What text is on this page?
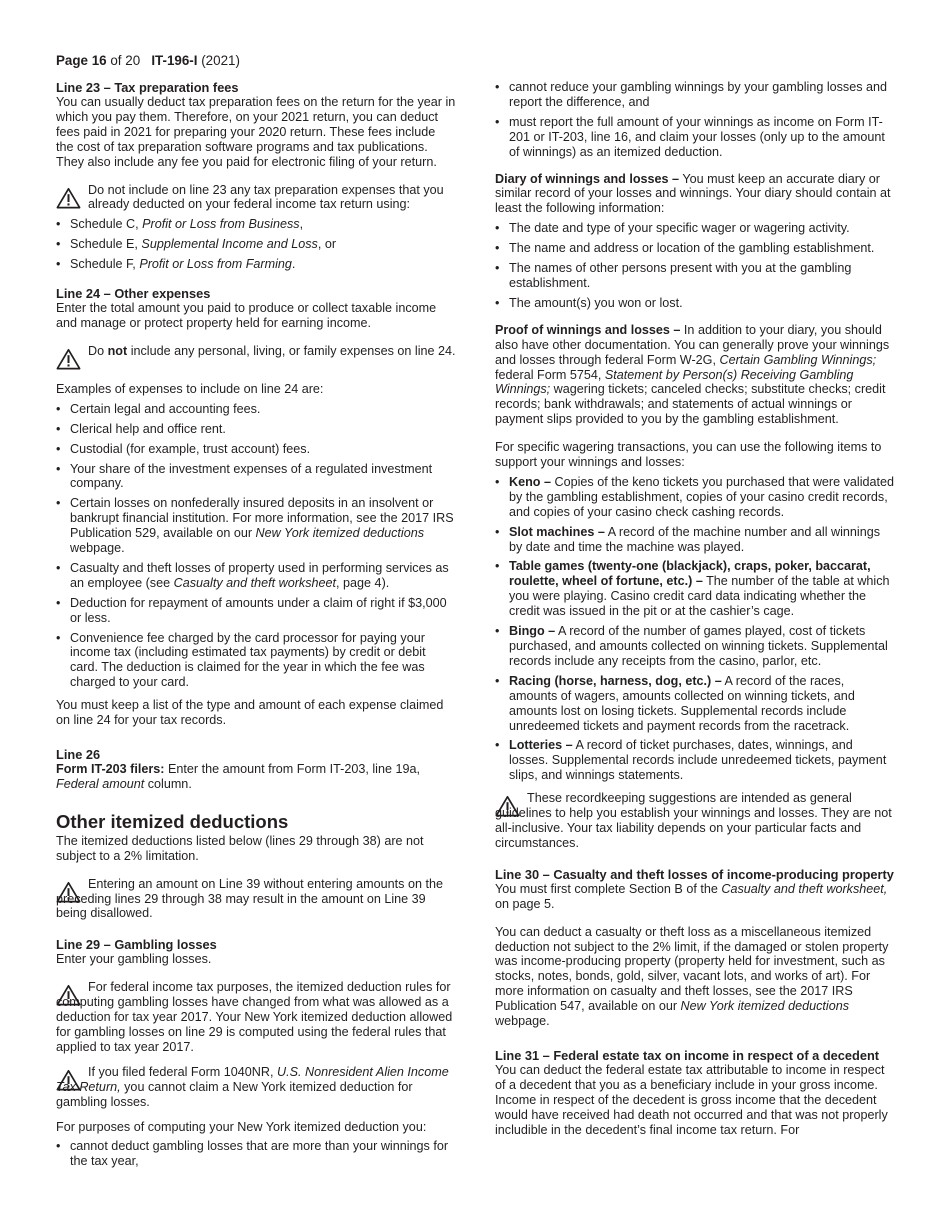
Page 16 of 20 IT-196-I (2021)
Line 23 – Tax preparation fees

You can usually deduct tax preparation fees on the return for the year in which you pay them. Therefore, on your 2021 return, you can deduct fees paid in 2021 for preparing your 2020 return. These fees include the cost of tax preparation software programs and tax publications. They also include any fee you paid for electronic filing of your return.

Do not include on line 23 any tax preparation expenses that you already deducted on your federal income tax return using:
• Schedule C, Profit or Loss from Business,
• Schedule E, Supplemental Income and Loss, or
• Schedule F, Profit or Loss from Farming.
Line 24 – Other expenses

Enter the total amount you paid to produce or collect taxable income and manage or protect property held for earning income.

Do not include any personal, living, or family expenses on line 24.

Examples of expenses to include on line 24 are:

• Certain legal and accounting fees.
• Clerical help and office rent.
• Custodial (for example, trust account) fees.
• Your share of the investment expenses of a regulated investment company.
• Certain losses on nonfederally insured deposits in an insolvent or bankrupt financial institution. For more information, see the 2017 IRS Publication 529, available on our New York itemized deductions webpage.
• Casualty and theft losses of property used in performing services as an employee (see Casualty and theft worksheet, page 4).
• Deduction for repayment of amounts under a claim of right if $3,000 or less.
• Convenience fee charged by the card processor for paying your income tax (including estimated tax payments) by credit or debit card. The deduction is claimed for the year in which the fee was charged to your card.

You must keep a list of the type and amount of each expense claimed on line 24 for your tax records.

Line 26

Form IT-203 filers: Enter the amount from Form IT-203, line 19a, Federal amount column.

Other itemized deductions

The itemized deductions listed below (lines 29 through 38) are not subject to a 2% limitation.

Entering an amount on Line 39 without entering amounts on the preceding lines 29 through 38 may result in the amount on Line 39 being disallowed.
Line 29 – Gambling losses

Enter your gambling losses.

For federal income tax purposes, the itemized deduction rules for computing gambling losses have changed from what was allowed as a deduction for tax year 2017. Your New York itemized deduction allowed for gambling losses on line 29 is computed using the federal rules that applied to tax year 2017.
If you filed federal Form 1040NR, U.S. Nonresident Alien Income Tax Return, you cannot claim a New York itemized deduction for gambling losses.

For purposes of computing your New York itemized deduction you:

• cannot deduct gambling losses that are more than your winnings for the tax year,
• cannot reduce your gambling winnings by your gambling losses and report the difference, and
• must report the full amount of your winnings as income on Form IT-201 or IT-203, line 16, and claim your losses (only up to the amount of winnings) as an itemized deduction.

Diary of winnings and losses – You must keep an accurate diary or similar record of your losses and winnings. Your diary should contain at least the following information:

• The date and type of your specific wager or wagering activity.
• The name and address or location of the gambling establishment.
• The names of other persons present with you at the gambling establishment.
• The amount(s) you won or lost.

Proof of winnings and losses – In addition to your diary, you should also have other documentation. You can generally prove your winnings and losses through federal Form W-2G, Certain Gambling Winnings; federal Form 5754, Statement by Person(s) Receiving Gambling Winnings; wagering tickets; canceled checks; substitute checks; credit records; bank withdrawals; and statements of actual winnings or payment slips provided to you by the gambling establishment.

For specific wagering transactions, you can use the following items to support your winnings and losses:

• Keno – Copies of the keno tickets you purchased that were validated by the gambling establishment, copies of your casino credit records, and copies of your casino check cashing records.
• Slot machines – A record of the machine number and all winnings by date and time the machine was played.
• Table games (twenty-one (blackjack), craps, poker, baccarat, roulette, wheel of fortune, etc.) – The number of the table at which you were playing. Casino credit card data indicating whether the credit was issued in the pit or at the cashier’s cage.
• Bingo – A record of the number of games played, cost of tickets purchased, and amounts collected on winning tickets. Supplemental records include any receipts from the casino, parlor, etc.
• Racing (horse, harness, dog, etc.) – A record of the races, amounts of wagers, amounts collected on winning tickets, and amounts lost on losing tickets. Supplemental records include unredeemed tickets and payment records from the racetrack.
• Lotteries – A record of ticket purchases, dates, winnings, and losses. Supplemental records include unredeemed tickets, payment slips, and winnings statements.
These recordkeeping suggestions are intended as general guidelines to help you establish your winnings and losses. They are not all-inclusive. Your tax liability depends on your particular facts and circumstances.
Line 30 – Casualty and theft losses of income-producing property

You must first complete Section B of the Casualty and theft worksheet, on page 5.

You can deduct a casualty or theft loss as a miscellaneous itemized deduction not subject to the 2% limit, if the damaged or stolen property was income-producing property (property held for investment, such as stocks, notes, bonds, gold, silver, vacant lots, and works of art). For more information on casualty and theft losses, see the 2017 IRS Publication 547, available on our New York itemized deductions webpage.

Line 31 – Federal estate tax on income in respect of a decedent

You can deduct the federal estate tax attributable to income in respect of a decedent that you as a beneficiary include in your gross income. Income in respect of the decedent is gross income that the decedent would have received had death not occurred and that was not properly includible in the decedent’s final income tax return. For
